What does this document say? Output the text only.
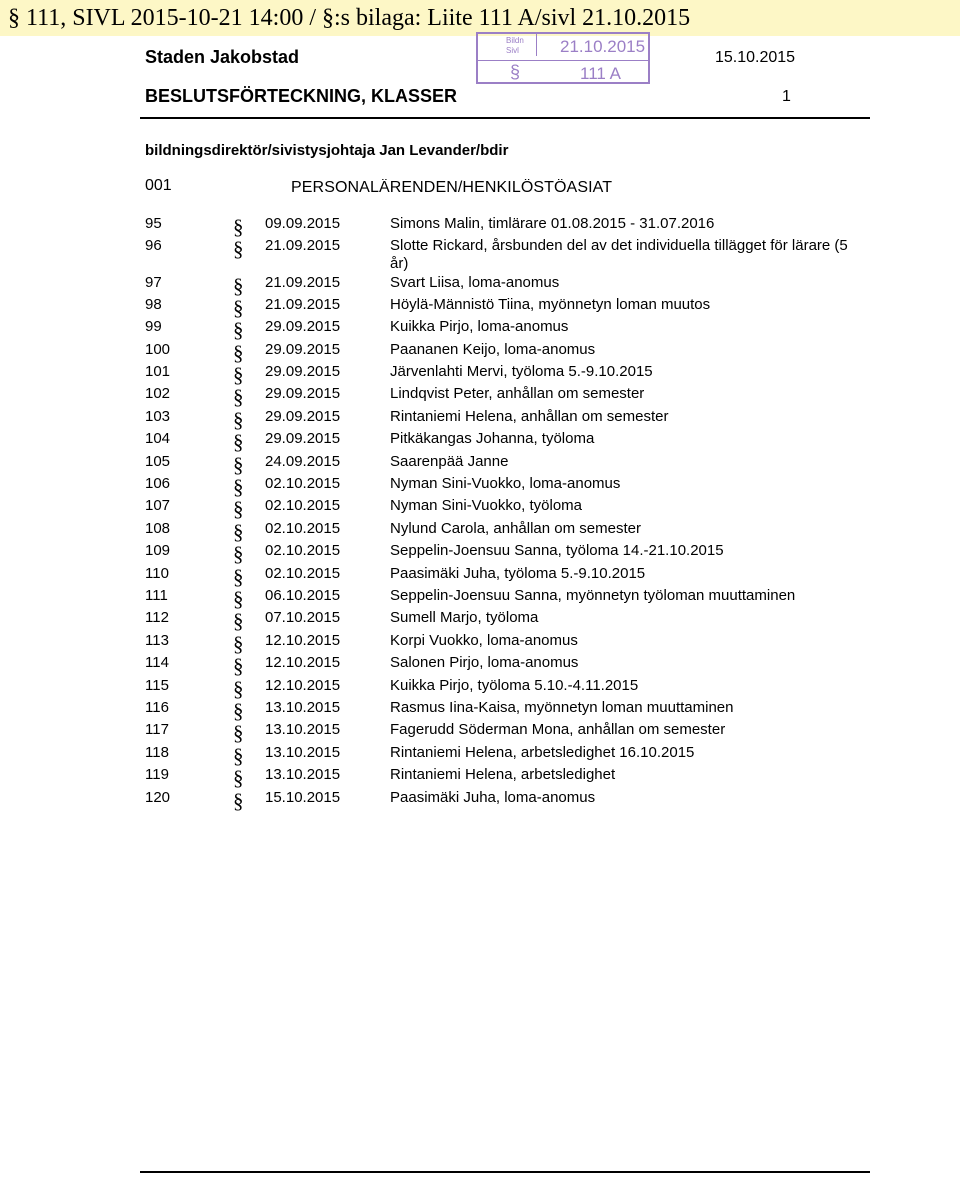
§ 111, SIVL 2015-10-21 14:00 / §:s bilaga: Liite 111 A/sivl 21.10.2015
Staden Jakobstad
Bildn
Sivl 21.10.2015
§	111 A
15.10.2015
BESLUTSFÖRTECKNING, KLASSER	1
bildningsdirektör/sivistysjohtaja Jan Levander/bdir
001	PERSONALÄRENDEN/HENKILÖSTÖASIAT
95	§ 09.09.2015	Simons Malin, timlärare 01.08.2015 - 31.07.2016
96	§ 21.09.2015	Slotte Rickard, årsbunden del av det individuella tillägget för lärare (5 år)
97	§ 21.09.2015	Svart Liisa, loma-anomus
98	§ 21.09.2015	Höylä-Männistö Tiina, myönnetyn loman muutos
99	§ 29.09.2015	Kuikka Pirjo, loma-anomus
100	§ 29.09.2015	Paananen Keijo, loma-anomus
101	§ 29.09.2015	Järvenlahti Mervi, työloma 5.-9.10.2015
102	§ 29.09.2015	Lindqvist Peter, anhållan om semester
103	§ 29.09.2015	Rintaniemi Helena, anhållan om semester
104	§ 29.09.2015	Pitkäkangas Johanna, työloma
105	§ 24.09.2015	Saarenpää Janne
106	§ 02.10.2015	Nyman Sini-Vuokko, loma-anomus
107	§ 02.10.2015	Nyman Sini-Vuokko, työloma
108	§ 02.10.2015	Nylund Carola, anhållan om semester
109	§ 02.10.2015	Seppelin-Joensuu Sanna, työloma 14.-21.10.2015
110	§ 02.10.2015	Paasimäki Juha, työloma 5.-9.10.2015
111	§ 06.10.2015	Seppelin-Joensuu Sanna, myönnetyn työloman muuttaminen
112	§ 07.10.2015	Sumell Marjo, työloma
113	§ 12.10.2015	Korpi Vuokko, loma-anomus
114	§ 12.10.2015	Salonen Pirjo, loma-anomus
115	§ 12.10.2015	Kuikka Pirjo, työloma 5.10.-4.11.2015
116	§ 13.10.2015	Rasmus Iina-Kaisa, myönnetyn loman muuttaminen
117	§ 13.10.2015	Fagerudd Söderman Mona, anhållan om semester
118	§ 13.10.2015	Rintaniemi Helena, arbetsledighet 16.10.2015
119	§ 13.10.2015	Rintaniemi Helena, arbetsledighet
120	§ 15.10.2015	Paasimäki Juha, loma-anomus
